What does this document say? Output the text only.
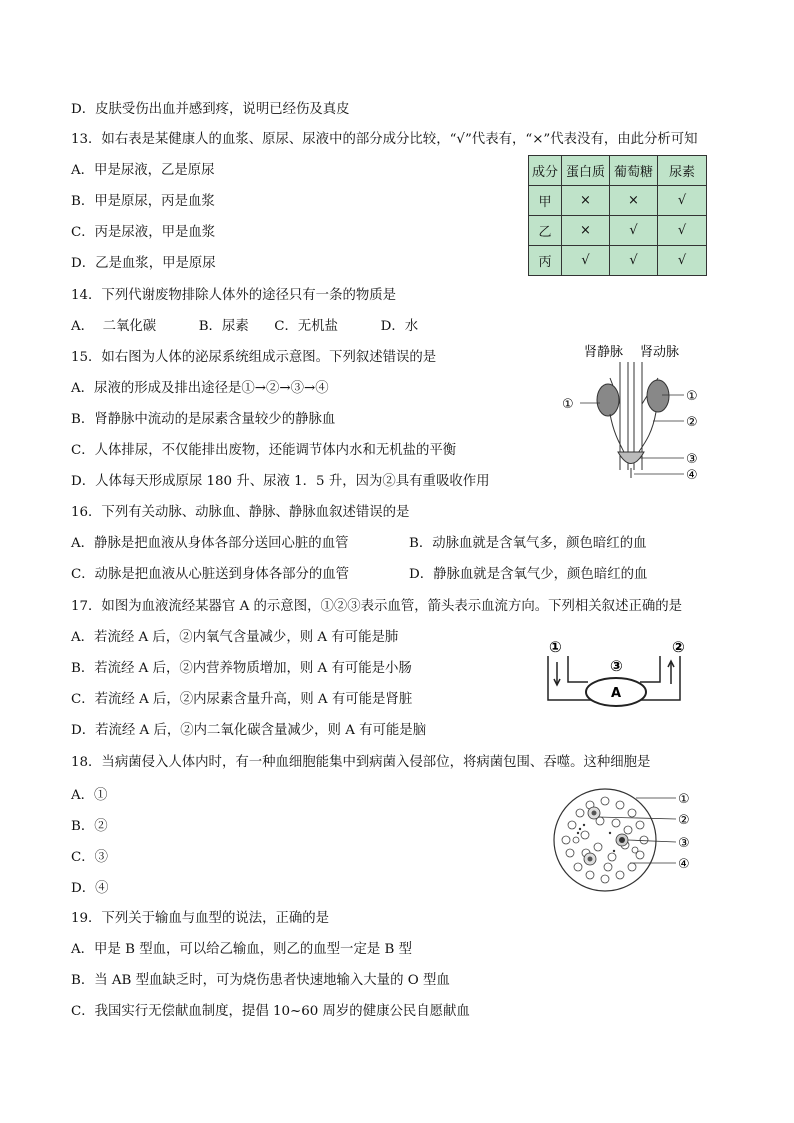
D．皮肤受伤出血并感到疼，说明已经伤及真皮
13．如右表是某健康人的血浆、原尿、尿液中的部分成分比较，“√”代表有，“×”代表没有，由此分析可知
A．甲是尿液，乙是原尿
B．甲是原尿，丙是血浆
C．丙是尿液，甲是血浆
D．乙是血浆，甲是原尿
成分	蛋白质	葡萄糖	尿素
甲	×	×	√
乙	×	√	√
丙	√	√	√
14．下列代谢废物排除人体外的途径只有一条的物质是
A．  二氧化碳          B．尿素      C．无机盐          D．水
15．如右图为人体的泌尿系统组成示意图。下列叙述错误的是
A．尿液的形成及排出途径是①→②→③→④
B．肾静脉中流动的是尿素含量较少的静脉血
C．人体排尿，不仅能排出废物，还能调节体内水和无机盐的平衡
D．人体每天形成原尿 180 升、尿液 1．5 升，因为②具有重吸收作用
肾静脉 肾动脉
①
①
②
③
④
16．下列有关动脉、动脉血、静脉、静脉血叙述错误的是
A．静脉是把血液从身体各部分送回心脏的血管	B．动脉血就是含氧气多，颜色暗红的血
C．动脉是把血液从心脏送到身体各部分的血管	D．静脉血就是含氧气少，颜色暗红的血
17．如图为血液流经某器官 A 的示意图，①②③表示血管，箭头表示血流方向。下列相关叙述正确的是
A．若流经 A 后，②内氧气含量减少，则 A 有可能是肺
B．若流经 A 后，②内营养物质增加，则 A 有可能是小肠
C．若流经 A 后，②内尿素含量升高，则 A 有可能是肾脏
D．若流经 A 后，②内二氧化碳含量减少，则 A 有可能是脑
①	②
③
A
18．当病菌侵入人体内时，有一种血细胞能集中到病菌入侵部位，将病菌包围、吞噬。这种细胞是
A．①
B．②
C．③
D．④
①
②
③
④
19．下列关于输血与血型的说法，正确的是
A．甲是 B 型血，可以给乙输血，则乙的血型一定是 B 型
B．当 AB 型血缺乏时，可为烧伤患者快速地输入大量的 O 型血
C．我国实行无偿献血制度，提倡 10~60 周岁的健康公民自愿献血
